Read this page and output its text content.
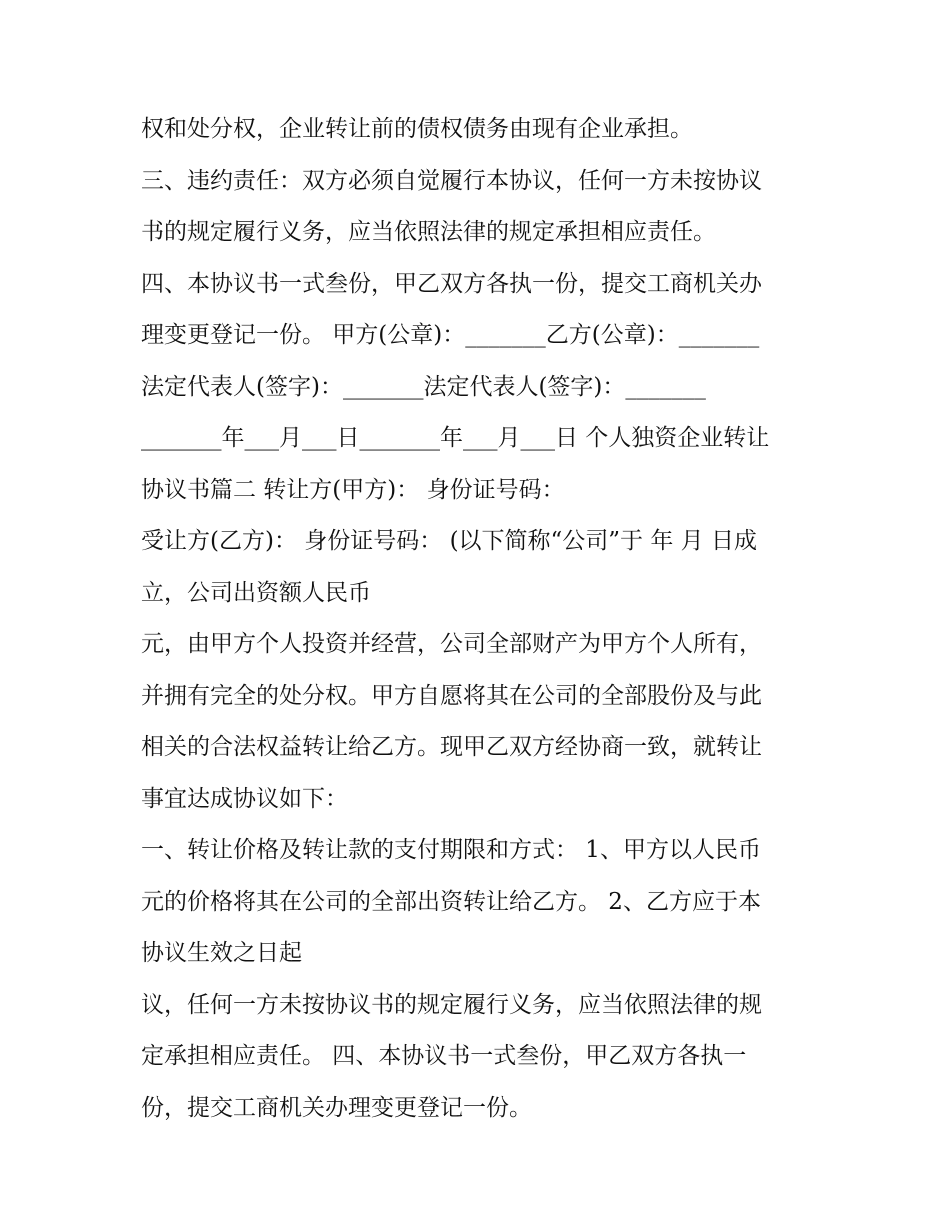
权和处分权，企业转让前的债权债务由现有企业承担。
三、违约责任：双方必须自觉履行本协议，任何一方未按协议
书的规定履行义务，应当依照法律的规定承担相应责任。
四、本协议书一式叁份，甲乙双方各执一份，提交工商机关办
理变更登记一份。 甲方(公章)：_______乙方(公章)：_______
法定代表人(签字)：_______法定代表人(签字)：_______
_______年___月___日_______年___月___日 个人独资企业转让
协议书篇二 转让方(甲方)： 身份证号码：
受让方(乙方)： 身份证号码： (以下简称“公司”于 年 月 日成
立，公司出资额人民币
元，由甲方个人投资并经营，公司全部财产为甲方个人所有，
并拥有完全的处分权。甲方自愿将其在公司的全部股份及与此
相关的合法权益转让给乙方。现甲乙双方经协商一致，就转让
事宜达成协议如下：
一、转让价格及转让款的支付期限和方式： 1、甲方以人民币
元的价格将其在公司的全部出资转让给乙方。 2、乙方应于本
协议生效之日起
议，任何一方未按协议书的规定履行义务，应当依照法律的规
定承担相应责任。 四、本协议书一式叁份，甲乙双方各执一
份，提交工商机关办理变更登记一份。
